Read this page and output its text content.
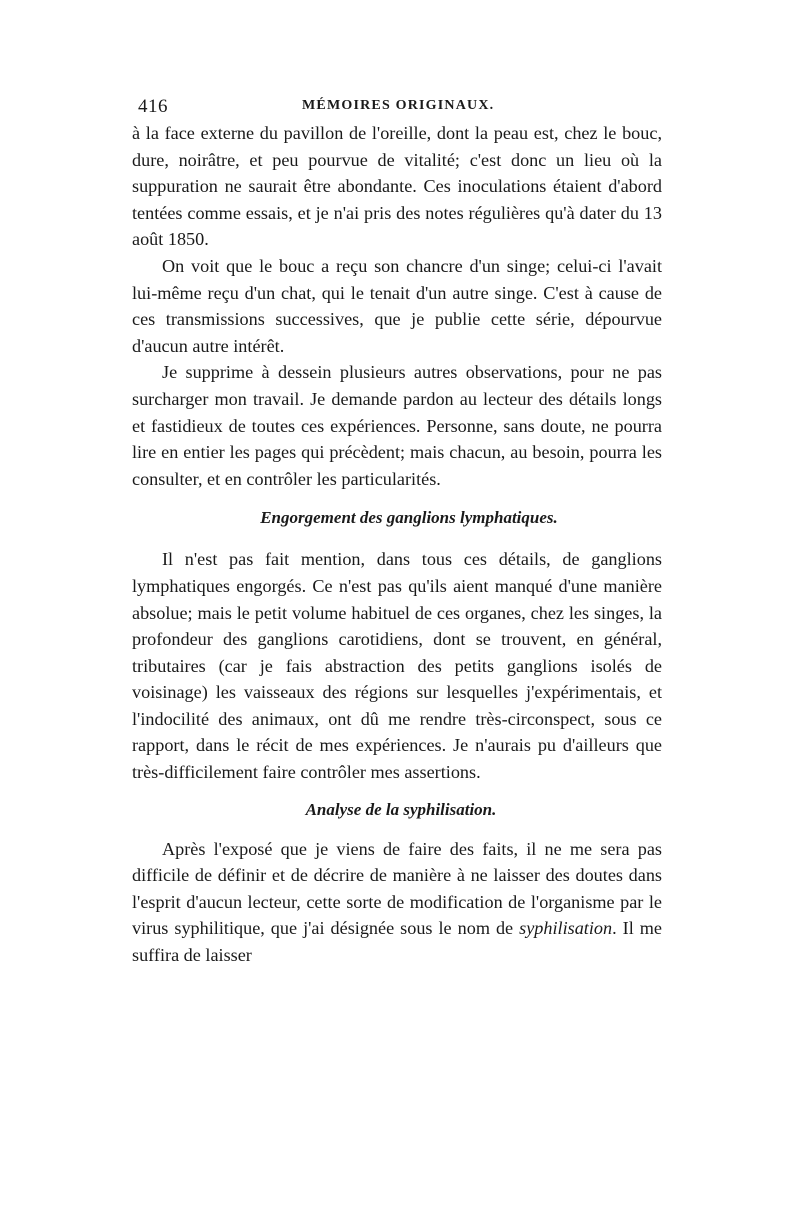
416	MÉMOIRES ORIGINAUX.

à la face externe du pavillon de l'oreille, dont la peau est, chez le bouc, dure, noirâtre, et peu pourvue de vitalité; c'est donc un lieu où la suppuration ne saurait être abondante. Ces inoculations étaient d'abord tentées comme essais, et je n'ai pris des notes régulières qu'à dater du 13 août 1850.

On voit que le bouc a reçu son chancre d'un singe; celui-ci l'avait lui-même reçu d'un chat, qui le tenait d'un autre singe. C'est à cause de ces transmissions successives, que je publie cette série, dépourvue d'aucun autre intérêt.

Je supprime à dessein plusieurs autres observations, pour ne pas surcharger mon travail. Je demande pardon au lecteur des détails longs et fastidieux de toutes ces expériences. Personne, sans doute, ne pourra lire en entier les pages qui précèdent; mais chacun, au besoin, pourra les consulter, et en contrôler les particularités.

Engorgement des ganglions lymphatiques.

Il n'est pas fait mention, dans tous ces détails, de ganglions lymphatiques engorgés. Ce n'est pas qu'ils aient manqué d'une manière absolue; mais le petit volume habituel de ces organes, chez les singes, la profondeur des ganglions carotidiens, dont se trouvent, en général, tributaires (car je fais abstraction des petits ganglions isolés de voisinage) les vaisseaux des régions sur lesquelles j'expérimentais, et l'indocilité des animaux, ont dû me rendre très-circonspect, sous ce rapport, dans le récit de mes expériences. Je n'aurais pu d'ailleurs que très-difficilement faire contrôler mes assertions.

Analyse de la syphilisation.

Après l'exposé que je viens de faire des faits, il ne me sera pas difficile de définir et de décrire de manière à ne laisser des doutes dans l'esprit d'aucun lecteur, cette sorte de modification de l'organisme par le virus syphilitique, que j'ai désignée sous le nom de syphilisation. Il me suffira de laisser
